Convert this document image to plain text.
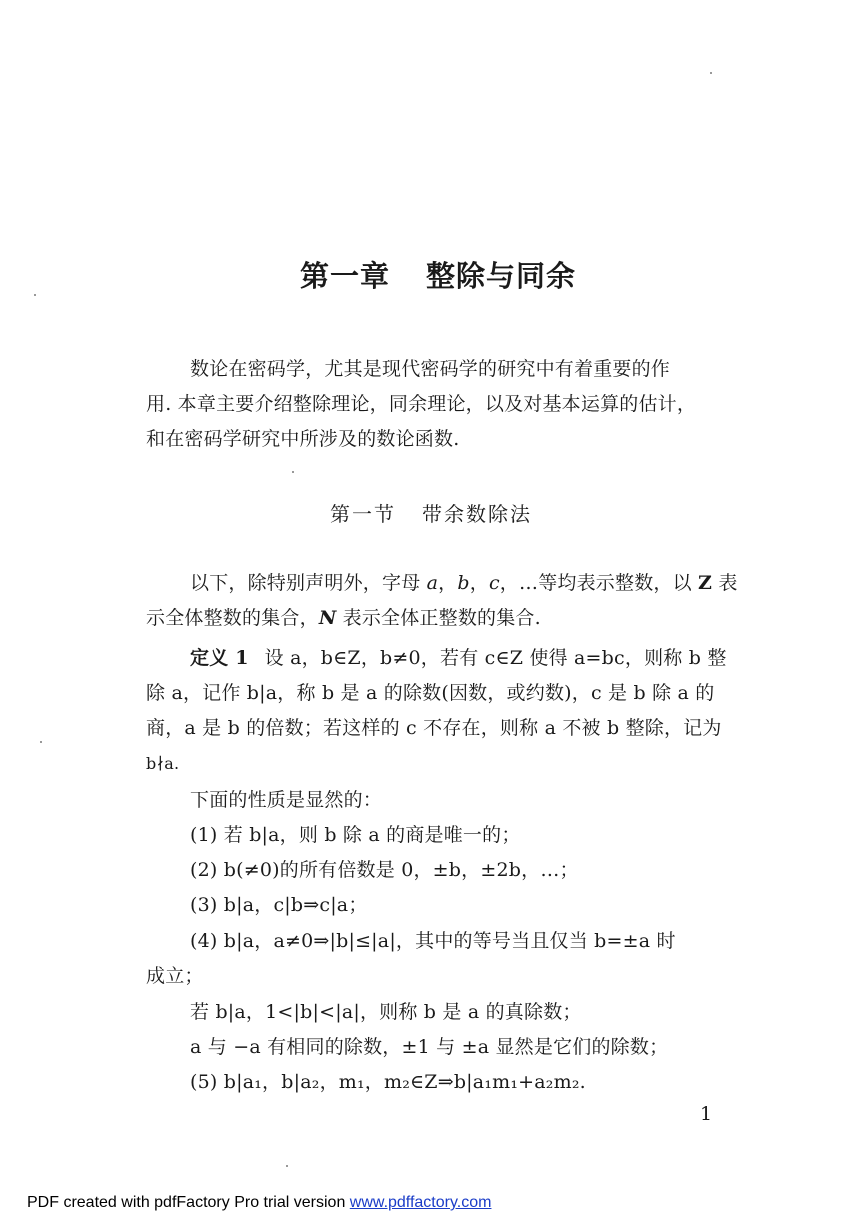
第一章 整除与同余
数论在密码学，尤其是现代密码学的研究中有着重要的作
用. 本章主要介绍整除理论，同余理论，以及对基本运算的估计，
和在密码学研究中所涉及的数论函数.
第一节 带余数除法
以下，除特别声明外，字母 a，b，c，…等均表示整数，以 Z 表
示全体整数的集合，N 表示全体正整数的集合.
定义 1 设 a，b∈Z，b≠0，若有 c∈Z 使得 a=bc，则称 b 整
除 a，记作 b|a，称 b 是 a 的除数(因数，或约数)，c 是 b 除 a 的
商，a 是 b 的倍数；若这样的 c 不存在，则称 a 不被 b 整除，记为
b∤a.
下面的性质是显然的：
(1) 若 b|a，则 b 除 a 的商是唯一的；
(2) b(≠0)的所有倍数是 0，±b，±2b，…；
(3) b|a，c|b⇒c|a；
(4) b|a，a≠0⇒|b|≤|a|，其中的等号当且仅当 b=±a 时
成立；
若 b|a，1<|b|<|a|，则称 b 是 a 的真除数；
a 与 −a 有相同的除数，±1 与 ±a 显然是它们的除数；
(5) b|a₁，b|a₂，m₁，m₂∈Z⇒b|a₁m₁+a₂m₂.
1
PDF created with pdfFactory Pro trial version www.pdffactory.com
